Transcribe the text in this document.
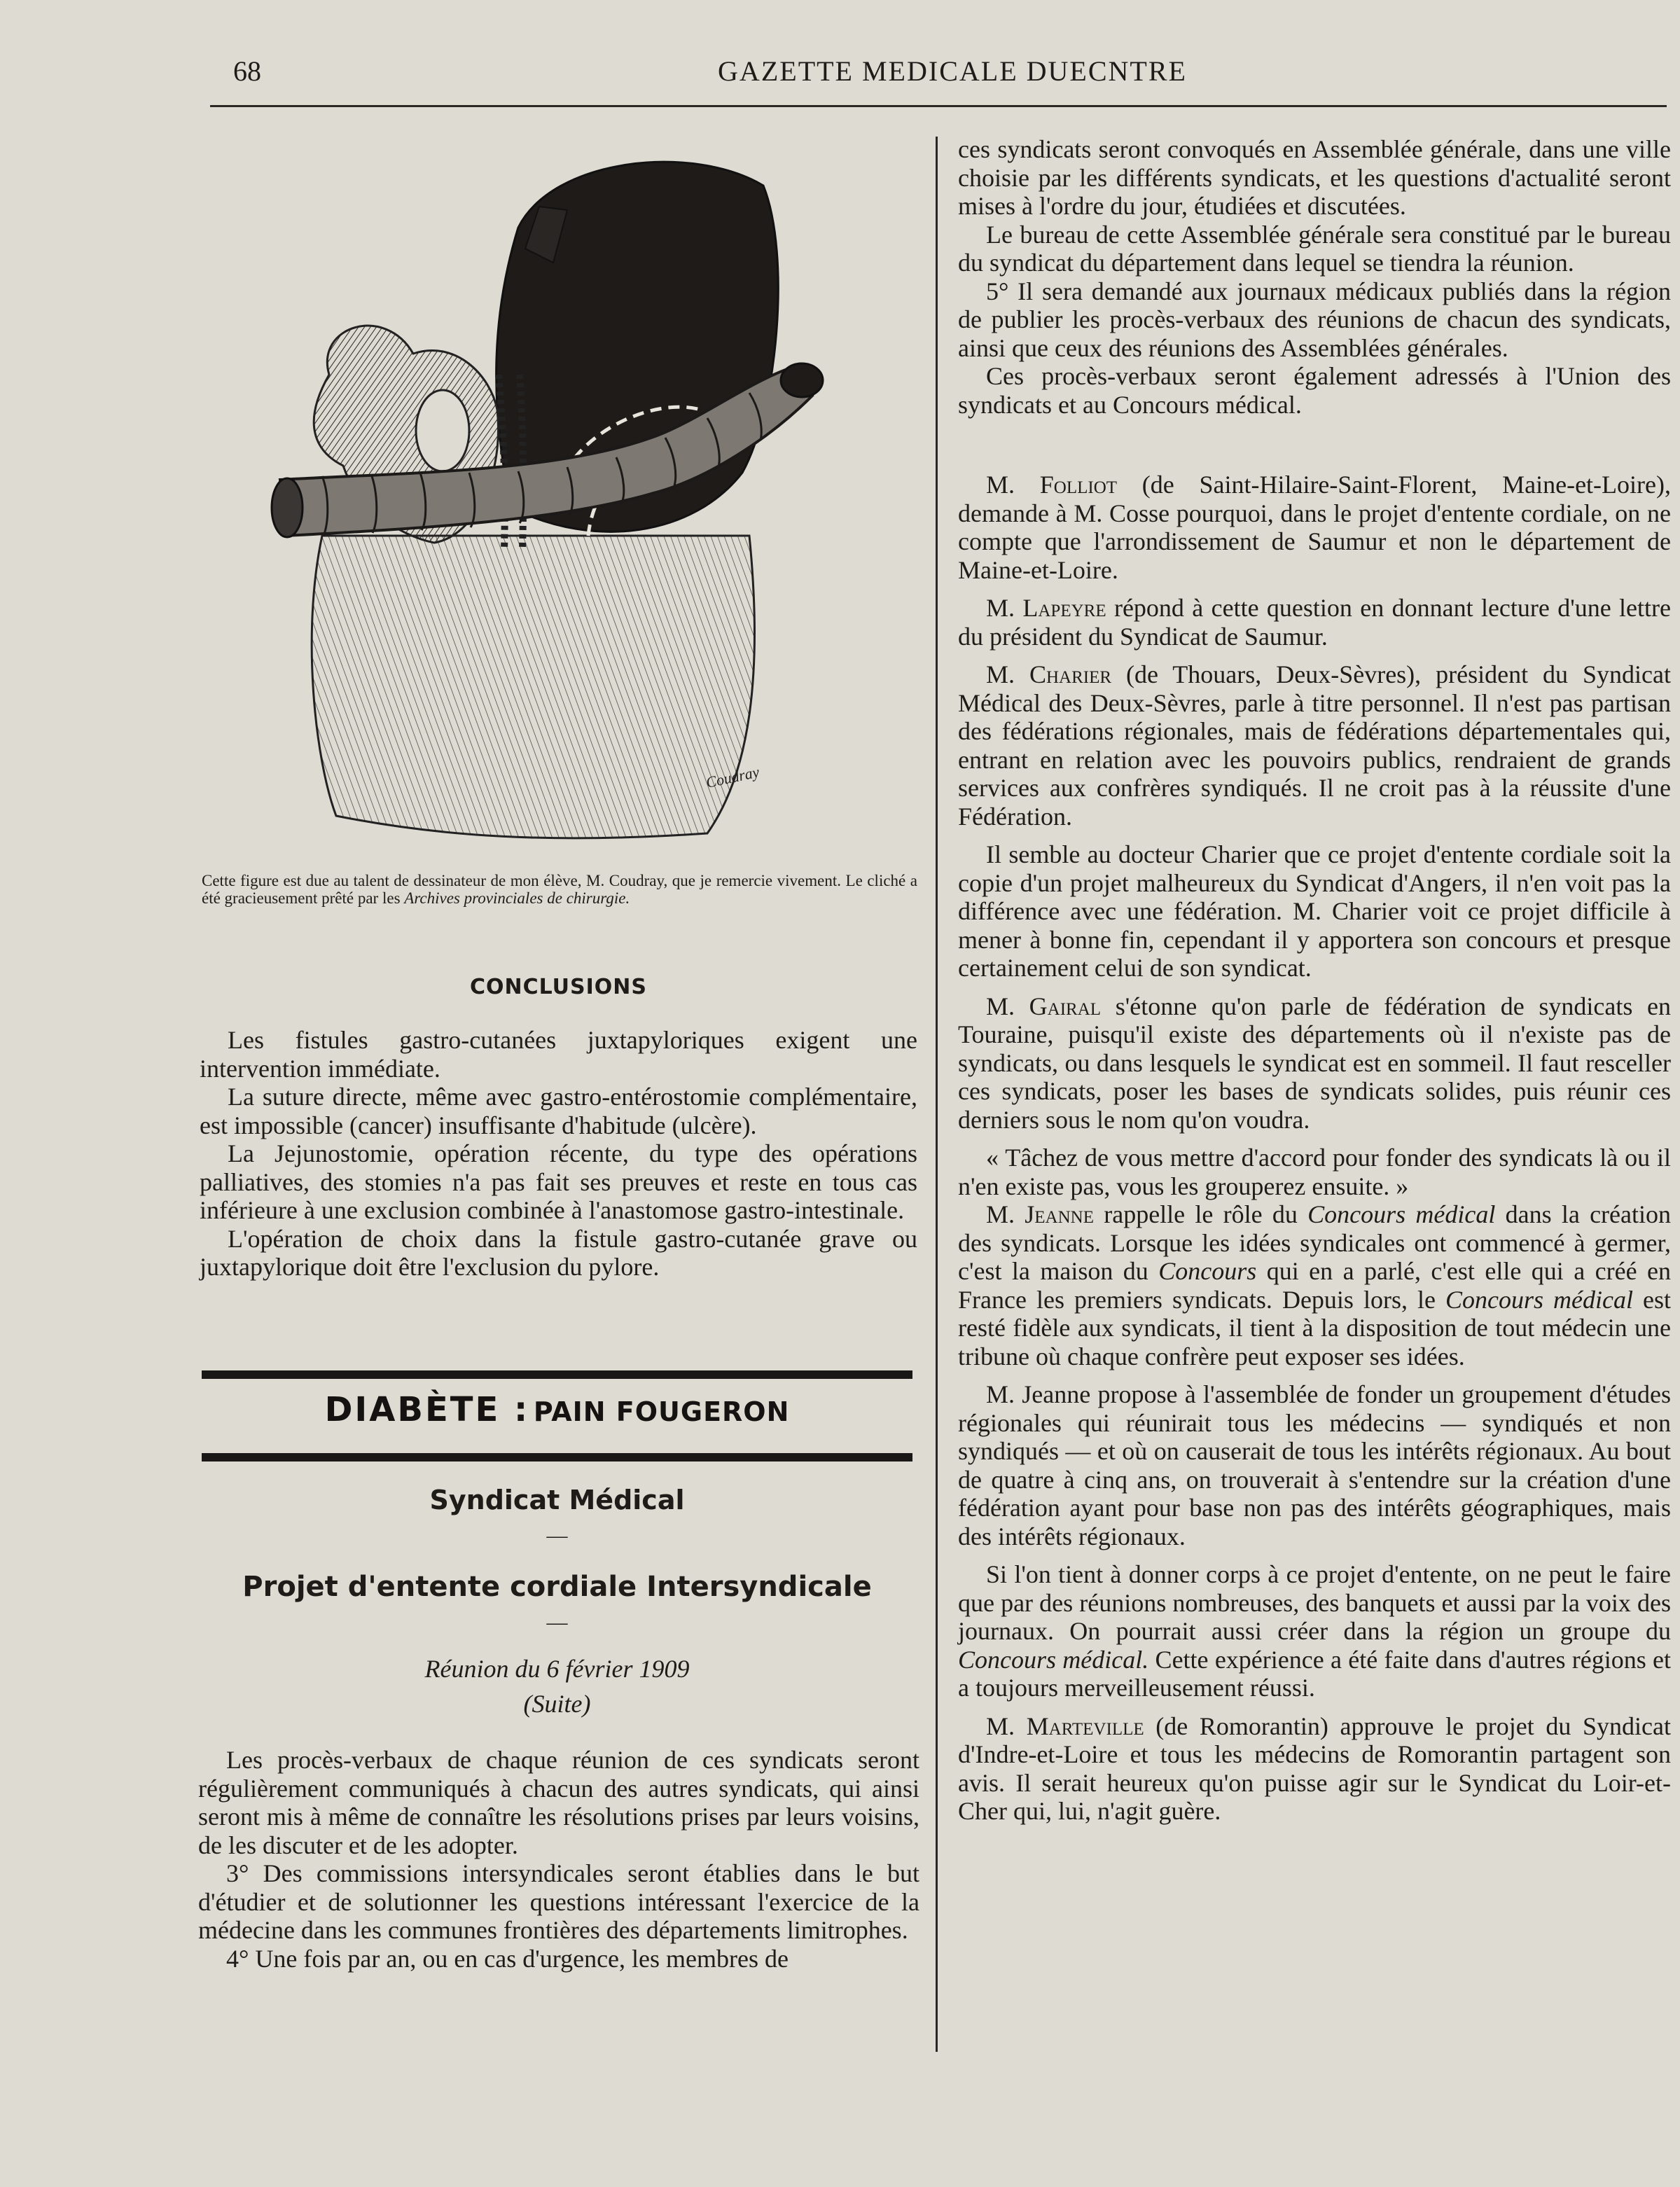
68	GAZETTE MEDICALE DUECNTRE
Coudray
Cette figure est due au talent de dessinateur de mon élève, M. Coudray, que je remercie vivement. Le cliché a été gracieusement prêté par les Archives provinciales de chirurgie.
CONCLUSIONS

Les fistules gastro-cutanées juxtapyloriques exigent une intervention immédiate.

La suture directe, même avec gastro-entérostomie complémentaire, est impossible (cancer) insuffisante d'habitude (ulcère).

La Jejunostomie, opération récente, du type des opérations palliatives, des stomies n'a pas fait ses preuves et reste en tous cas inférieure à une exclusion combinée à l'anastomose gastro-intestinale.

L'opération de choix dans la fistule gastro-cutanée grave ou juxtapylorique doit être l'exclusion du pylore.

DIABÈTE : PAIN FOUGERON
Syndicat Médical
—
Projet d'entente cordiale Intersyndicale
—
Réunion du 6 février 1909
(Suite)

Les procès-verbaux de chaque réunion de ces syndicats seront régulièrement communiqués à chacun des autres syndicats, qui ainsi seront mis à même de connaître les résolutions prises par leurs voisins, de les discuter et de les adopter.

3° Des commissions intersyndicales seront établies dans le but d'étudier et de solutionner les questions intéressant l'exercice de la médecine dans les communes frontières des départements limitrophes.

4° Une fois par an, ou en cas d'urgence, les membres de

ces syndicats seront convoqués en Assemblée générale, dans une ville choisie par les différents syndicats, et les questions d'actualité seront mises à l'ordre du jour, étudiées et discutées.

Le bureau de cette Assemblée générale sera constitué par le bureau du syndicat du département dans lequel se tiendra la réunion.

5° Il sera demandé aux journaux médicaux publiés dans la région de publier les procès-verbaux des réunions de chacun des syndicats, ainsi que ceux des réunions des Assemblées générales.

Ces procès-verbaux seront également adressés à l'Union des syndicats et au Concours médical.

M. Folliot (de Saint-Hilaire-Saint-Florent, Maine-et-Loire), demande à M. Cosse pourquoi, dans le projet d'entente cordiale, on ne compte que l'arrondissement de Saumur et non le département de Maine-et-Loire.

M. Lapeyre répond à cette question en donnant lecture d'une lettre du président du Syndicat de Saumur.

M. Charier (de Thouars, Deux-Sèvres), président du Syndicat Médical des Deux-Sèvres, parle à titre personnel. Il n'est pas partisan des fédérations régionales, mais de fédérations départementales qui, entrant en relation avec les pouvoirs publics, rendraient de grands services aux confrères syndiqués. Il ne croit pas à la réussite d'une Fédération.

Il semble au docteur Charier que ce projet d'entente cordiale soit la copie d'un projet malheureux du Syndicat d'Angers, il n'en voit pas la différence avec une fédération. M. Charier voit ce projet difficile à mener à bonne fin, cependant il y apportera son concours et presque certainement celui de son syndicat.

M. Gairal s'étonne qu'on parle de fédération de syndicats en Touraine, puisqu'il existe des départements où il n'existe pas de syndicats, ou dans lesquels le syndicat est en sommeil. Il faut resceller ces syndicats, poser les bases de syndicats solides, puis réunir ces derniers sous le nom qu'on voudra.

« Tâchez de vous mettre d'accord pour fonder des syndicats là ou il n'en existe pas, vous les grouperez ensuite. »

M. Jeanne rappelle le rôle du Concours médical dans la création des syndicats. Lorsque les idées syndicales ont commencé à germer, c'est la maison du Concours qui en a parlé, c'est elle qui a créé en France les premiers syndicats. Depuis lors, le Concours médical est resté fidèle aux syndicats, il tient à la disposition de tout médecin une tribune où chaque confrère peut exposer ses idées.

M. Jeanne propose à l'assemblée de fonder un groupement d'études régionales qui réunirait tous les médecins — syndiqués et non syndiqués — et où on causerait de tous les intérêts régionaux. Au bout de quatre à cinq ans, on trouverait à s'entendre sur la création d'une fédération ayant pour base non pas des intérêts géographiques, mais des intérêts régionaux.

Si l'on tient à donner corps à ce projet d'entente, on ne peut le faire que par des réunions nombreuses, des banquets et aussi par la voix des journaux. On pourrait aussi créer dans la région un groupe du Concours médical. Cette expérience a été faite dans d'autres régions et a toujours merveilleusement réussi.

M. Marteville (de Romorantin) approuve le projet du Syndicat d'Indre-et-Loire et tous les médecins de Romorantin partagent son avis. Il serait heureux qu'on puisse agir sur le Syndicat du Loir-et-Cher qui, lui, n'agit guère.
